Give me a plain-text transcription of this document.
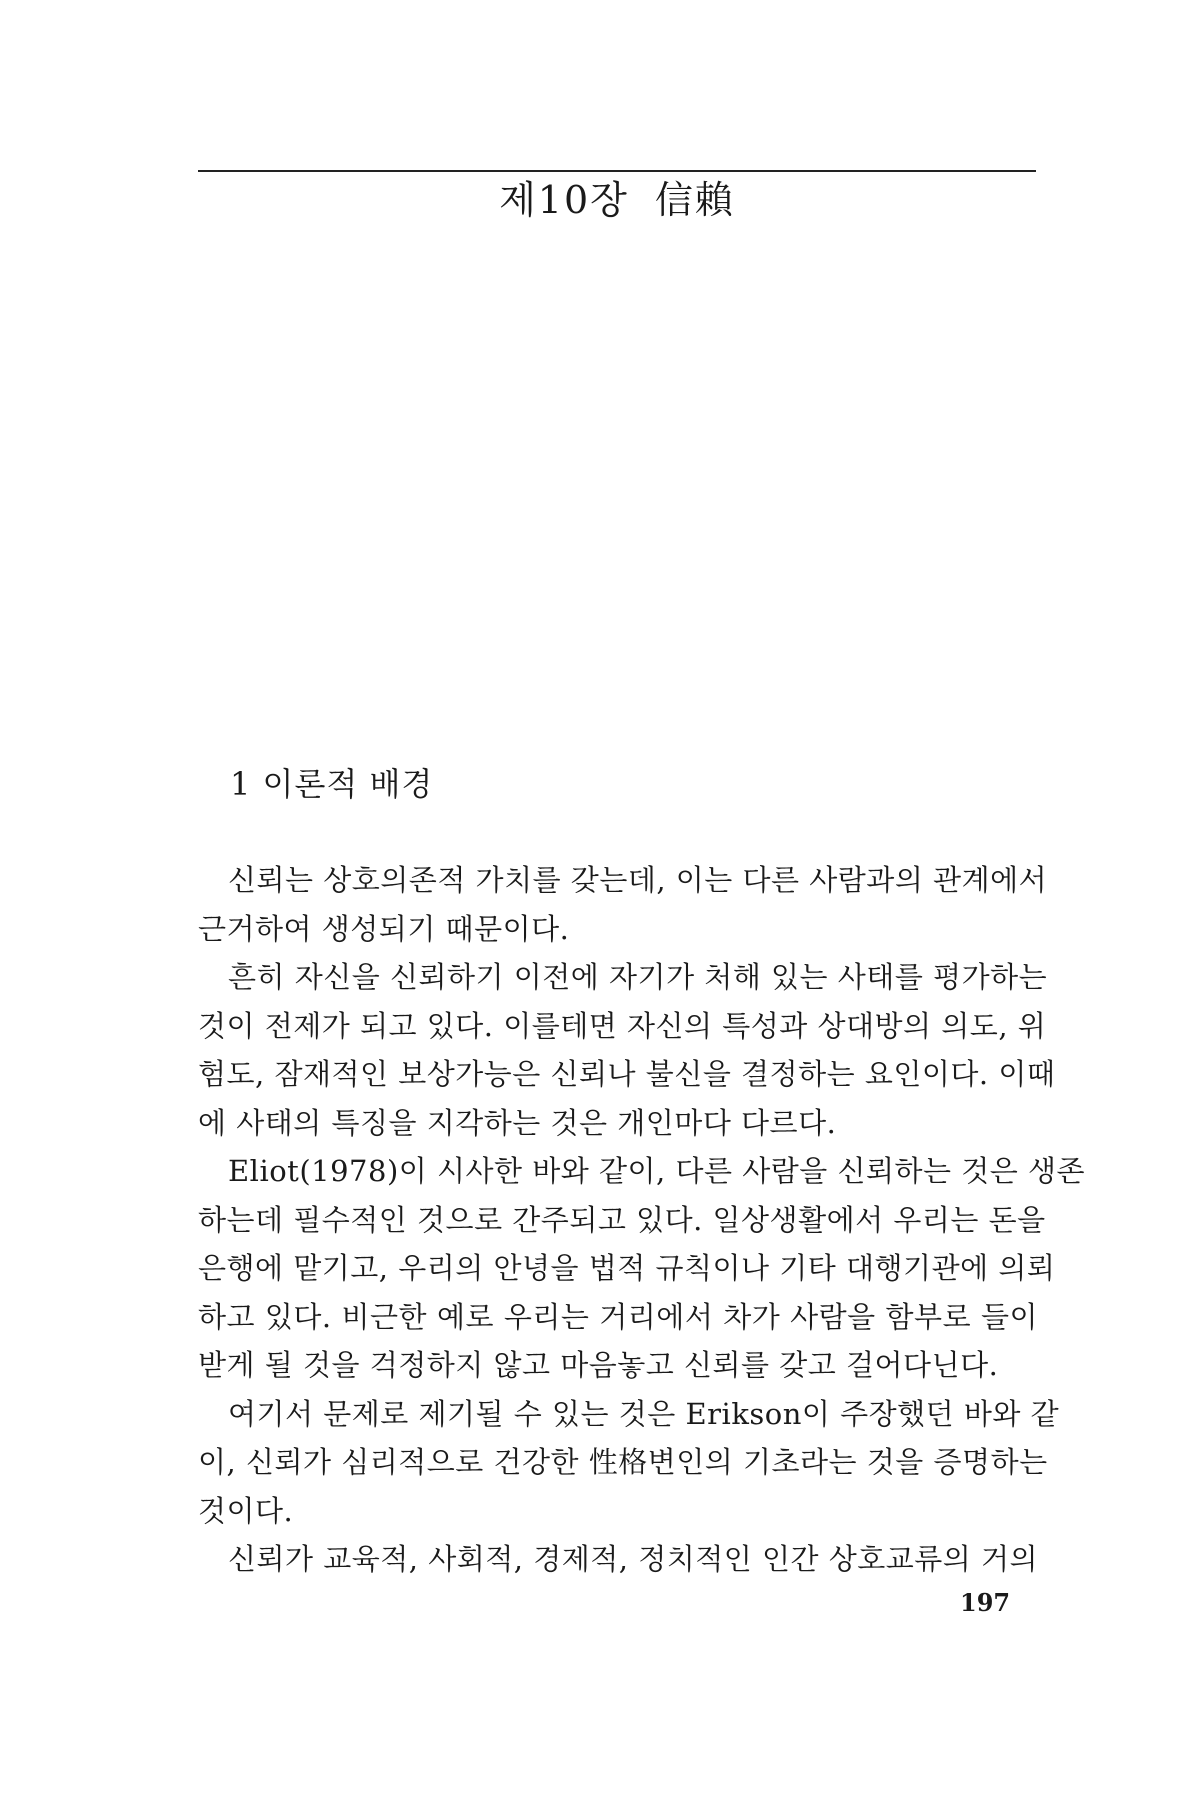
제10장 信賴
1 이론적 배경
신뢰는 상호의존적 가치를 갖는데, 이는 다른 사람과의 관계에서
근거하여 생성되기 때문이다.
흔히 자신을 신뢰하기 이전에 자기가 처해 있는 사태를 평가하는
것이 전제가 되고 있다. 이를테면 자신의 특성과 상대방의 의도, 위
험도, 잠재적인 보상가능은 신뢰나 불신을 결정하는 요인이다. 이때
에 사태의 특징을 지각하는 것은 개인마다 다르다.
Eliot(1978)이 시사한 바와 같이, 다른 사람을 신뢰하는 것은 생존
하는데 필수적인 것으로 간주되고 있다. 일상생활에서 우리는 돈을
은행에 맡기고, 우리의 안녕을 법적 규칙이나 기타 대행기관에 의뢰
하고 있다. 비근한 예로 우리는 거리에서 차가 사람을 함부로 들이
받게 될 것을 걱정하지 않고 마음놓고 신뢰를 갖고 걸어다닌다.
여기서 문제로 제기될 수 있는 것은 Erikson이 주장했던 바와 같
이, 신뢰가 심리적으로 건강한 性格변인의 기초라는 것을 증명하는
것이다.
신뢰가 교육적, 사회적, 경제적, 정치적인 인간 상호교류의 거의
197
